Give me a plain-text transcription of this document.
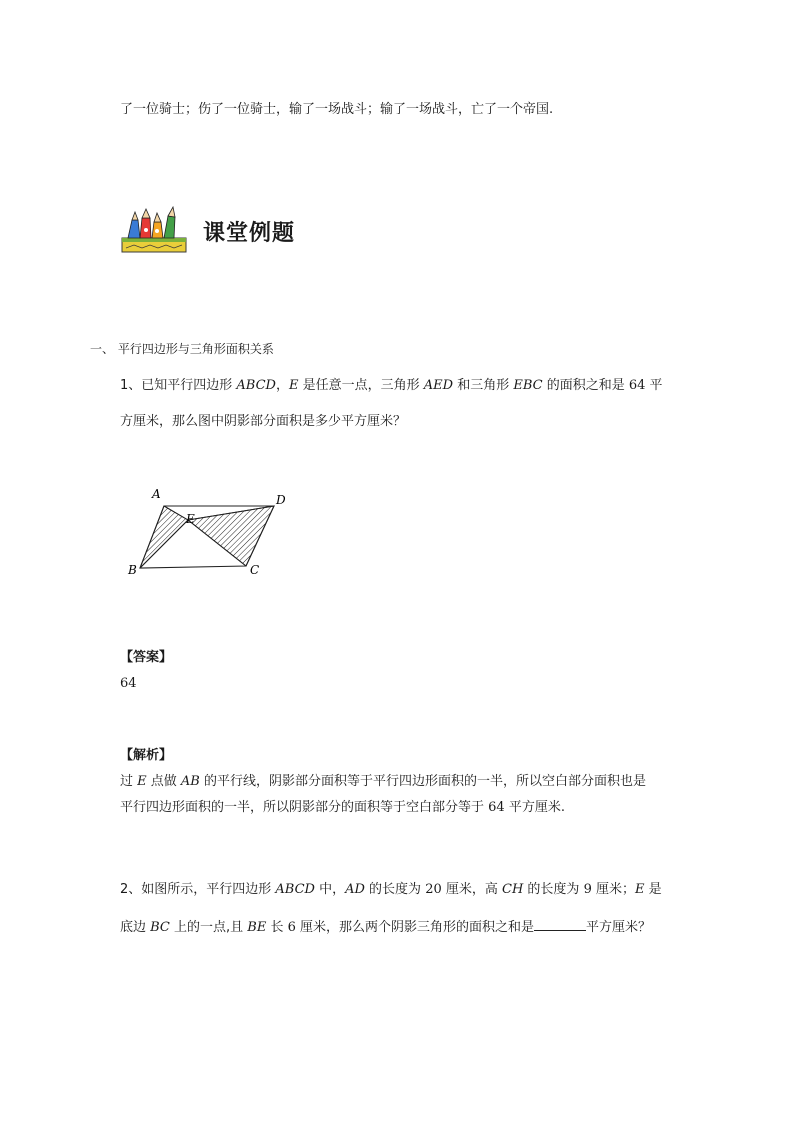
了一位骑士；伤了一位骑士，输了一场战斗；输了一场战斗，亡了一个帝国.
课堂例题
一、 平行四边形与三角形面积关系
1、已知平行四边形 ABCD，E 是任意一点，三角形 AED 和三角形 EBC 的面积之和是 64 平
方厘米，那么图中阴影部分面积是多少平方厘米？
A	D
E
B	C
【答案】
64
【解析】
过 E 点做 AB 的平行线，阴影部分面积等于平行四边形面积的一半，所以空白部分面积也是
平行四边形面积的一半，所以阴影部分的面积等于空白部分等于 64 平方厘米.
2、如图所示，平行四边形 ABCD 中，AD 的长度为 20 厘米，高 CH 的长度为 9 厘米；E 是
底边 BC 上的一点,且 BE 长 6 厘米，那么两个阴影三角形的面积之和是	平方厘米？
